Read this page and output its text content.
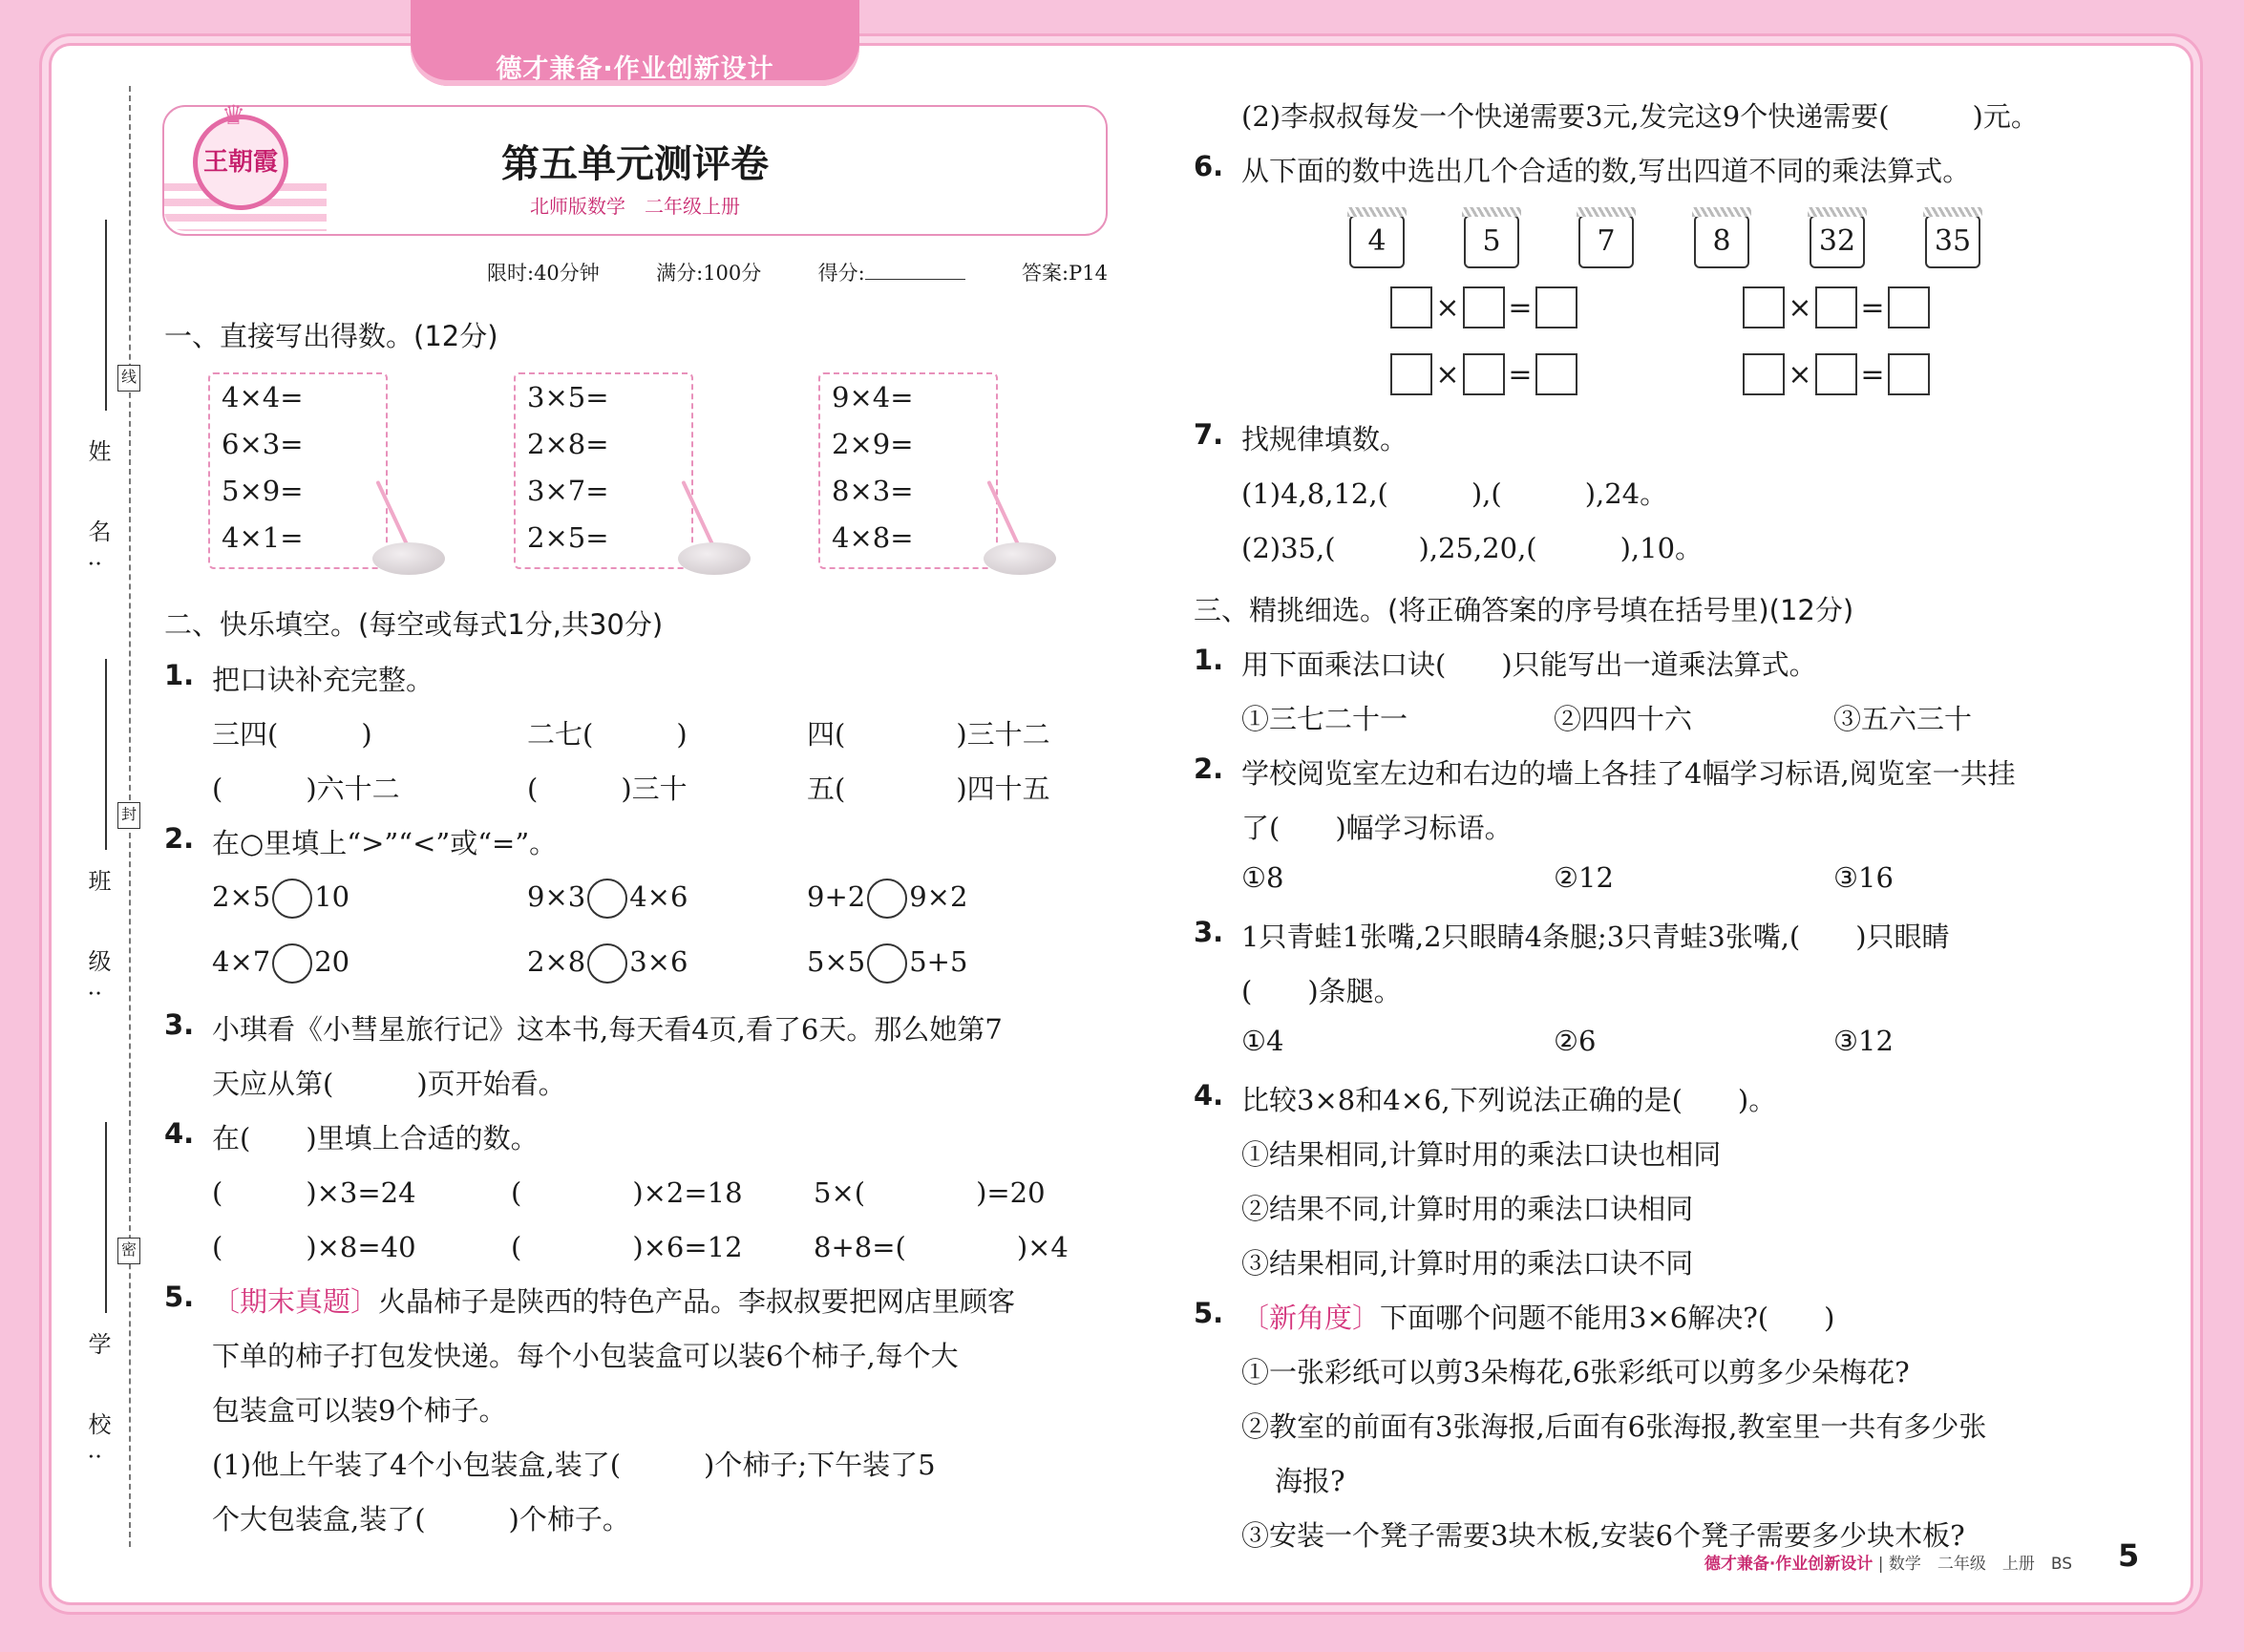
德才兼备·作业创新设计
姓　名:
线
班　级:
封
学　校:
密
王朝霞
♛
第五单元测评卷
北师版数学　二年级上册
限时:40分钟	满分:100分	得分:	答案:P14
一、直接写出得数。(12分)
4×4=
6×3=
5×9=
4×1=
3×5=
2×8=
3×7=
2×5=
9×4=
2×9=
8×3=
4×8=
二、快乐填空。(每空或每式1分,共30分)
1. 把口诀补充完整。
三四(　　　)	二七(　　　)	四(　　　　)三十二
(　　　)六十二	(　　　)三十	五(　　　　)四十五
2. 在○里填上“>”“<”或“=”。
2×5 10	9×3 4×6	9+2 9×2
4×7 20	2×8 3×6	5×5 5+5
3. 小琪看《小彗星旅行记》这本书,每天看4页,看了6天。那么她第7
天应从第(　　　)页开始看。
4. 在(　　)里填上合适的数。
(　　　)×3=24	(　　　　)×2=18	5×(　　　　)=20
(　　　)×8=40	(　　　　)×6=12	8+8=(　　　　)×4
5. 〔期末真题〕火晶柿子是陕西的特色产品。李叔叔要把网店里顾客
下单的柿子打包发快递。每个小包装盒可以装6个柿子,每个大
包装盒可以装9个柿子。
(1)他上午装了4个小包装盒,装了(　　　)个柿子;下午装了5
个大包装盒,装了(　　　)个柿子。
(2)李叔叔每发一个快递需要3元,发完这9个快递需要(　　　)元。
6. 从下面的数中选出几个合适的数,写出四道不同的乘法算式。
4	5	7	8	32	35
× =	× =
× =	× =
7. 找规律填数。
(1)4,8,12,(　　　),(　　　),24。
(2)35,(　　　),25,20,(　　　),10。
三、精挑细选。(将正确答案的序号填在括号里)(12分)
1. 用下面乘法口诀(　　)只能写出一道乘法算式。
①三七二十一	②四四十六	③五六三十
2. 学校阅览室左边和右边的墙上各挂了4幅学习标语,阅览室一共挂
了(　　)幅学习标语。
①8	②12	③16
3. 1只青蛙1张嘴,2只眼睛4条腿;3只青蛙3张嘴,(　　)只眼睛
(　　)条腿。
①4	②6	③12
4. 比较3×8和4×6,下列说法正确的是(　　)。
①结果相同,计算时用的乘法口诀也相同
②结果不同,计算时用的乘法口诀相同
③结果相同,计算时用的乘法口诀不同
5. 〔新角度〕下面哪个问题不能用3×6解决?(　　)
①一张彩纸可以剪3朵梅花,6张彩纸可以剪多少朵梅花?
②教室的前面有3张海报,后面有6张海报,教室里一共有多少张
海报?
③安装一个凳子需要3块木板,安装6个凳子需要多少块木板?
德才兼备·作业创新设计 | 数学　二年级　上册　BS 5
